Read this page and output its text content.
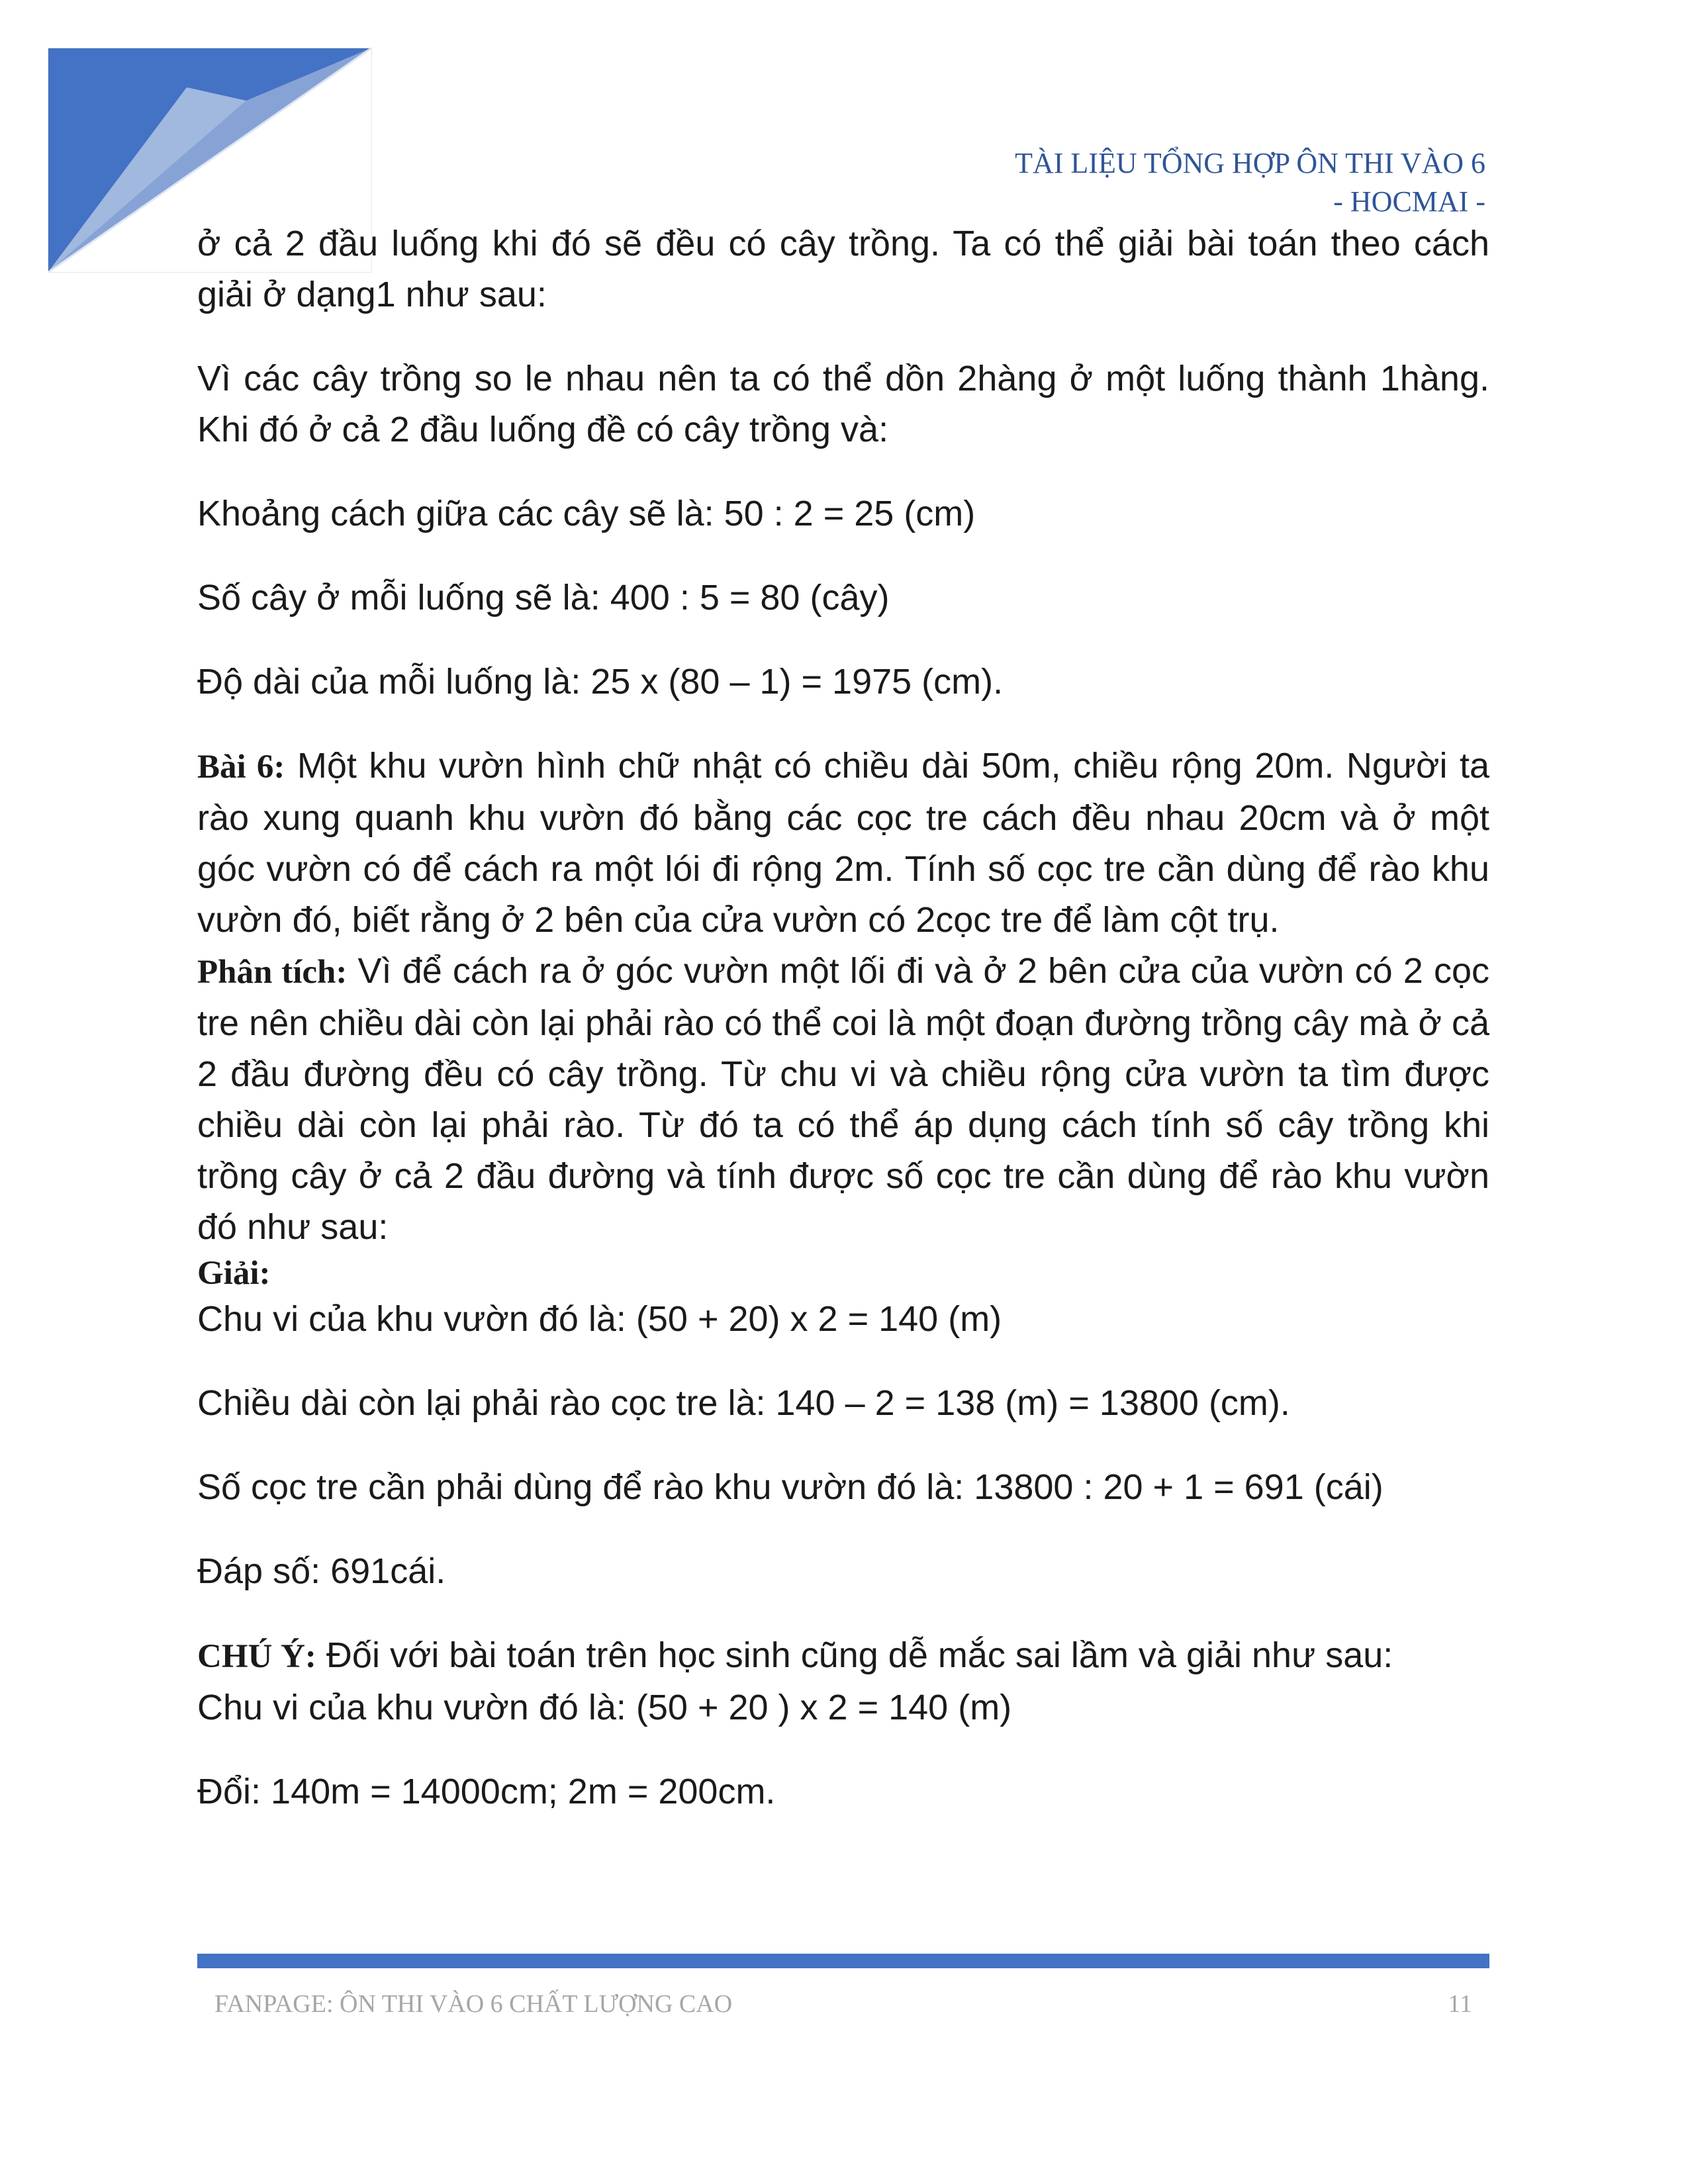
TÀI LIỆU TỔNG HỢP ÔN THI VÀO 6
- HOCMAI -

ở cả 2 đầu luống khi đó sẽ đều có cây trồng. Ta có thể giải bài toán theo cách giải ở dạng1 như sau:

Vì các cây trồng so le nhau nên ta có thể dồn 2hàng ở một luống thành 1hàng. Khi đó ở cả 2 đầu luống đề có cây trồng và:

Khoảng cách giữa các cây sẽ là: 50 : 2 = 25 (cm)

Số cây ở mỗi luống sẽ là: 400 : 5 = 80 (cây)

Độ dài của mỗi luống là: 25 x (80 – 1) = 1975 (cm).

Bài 6: Một khu vườn hình chữ nhật có chiều dài 50m, chiều rộng 20m. Người ta rào xung quanh khu vườn đó bằng các cọc tre cách đều nhau 20cm và ở một góc vườn có để cách ra một lói đi rộng 2m. Tính số cọc tre cần dùng để rào khu vườn đó, biết rằng ở 2 bên của cửa vườn có 2cọc tre để làm cột trụ.

Phân tích: Vì để cách ra ở góc vườn một lối đi và ở 2 bên cửa của vườn có 2 cọc tre nên chiều dài còn lại phải rào có thể coi là một đoạn đường trồng cây mà ở cả 2 đầu đường đều có cây trồng. Từ chu vi và chiều rộng cửa vườn ta tìm được chiều dài còn lại phải rào. Từ đó ta có thể áp dụng cách tính số cây trồng khi trồng cây ở cả 2 đầu đường và tính được số cọc tre cần dùng để rào khu vườn đó như sau:

Giải:

Chu vi của khu vườn đó là: (50 + 20) x 2 = 140 (m)

Chiều dài còn lại phải rào cọc tre là: 140 – 2 = 138 (m) = 13800 (cm).

Số cọc tre cần phải dùng để rào khu vườn đó là: 13800 : 20 + 1 = 691 (cái)

Đáp số: 691cái.

CHÚ Ý: Đối với bài toán trên học sinh cũng dễ mắc sai lầm và giải như sau:

Chu vi của khu vườn đó là: (50 + 20 ) x 2 = 140 (m)

Đổi: 140m = 14000cm; 2m = 200cm.

FANPAGE: ÔN THI VÀO 6 CHẤT LƯỢNG CAO	11
